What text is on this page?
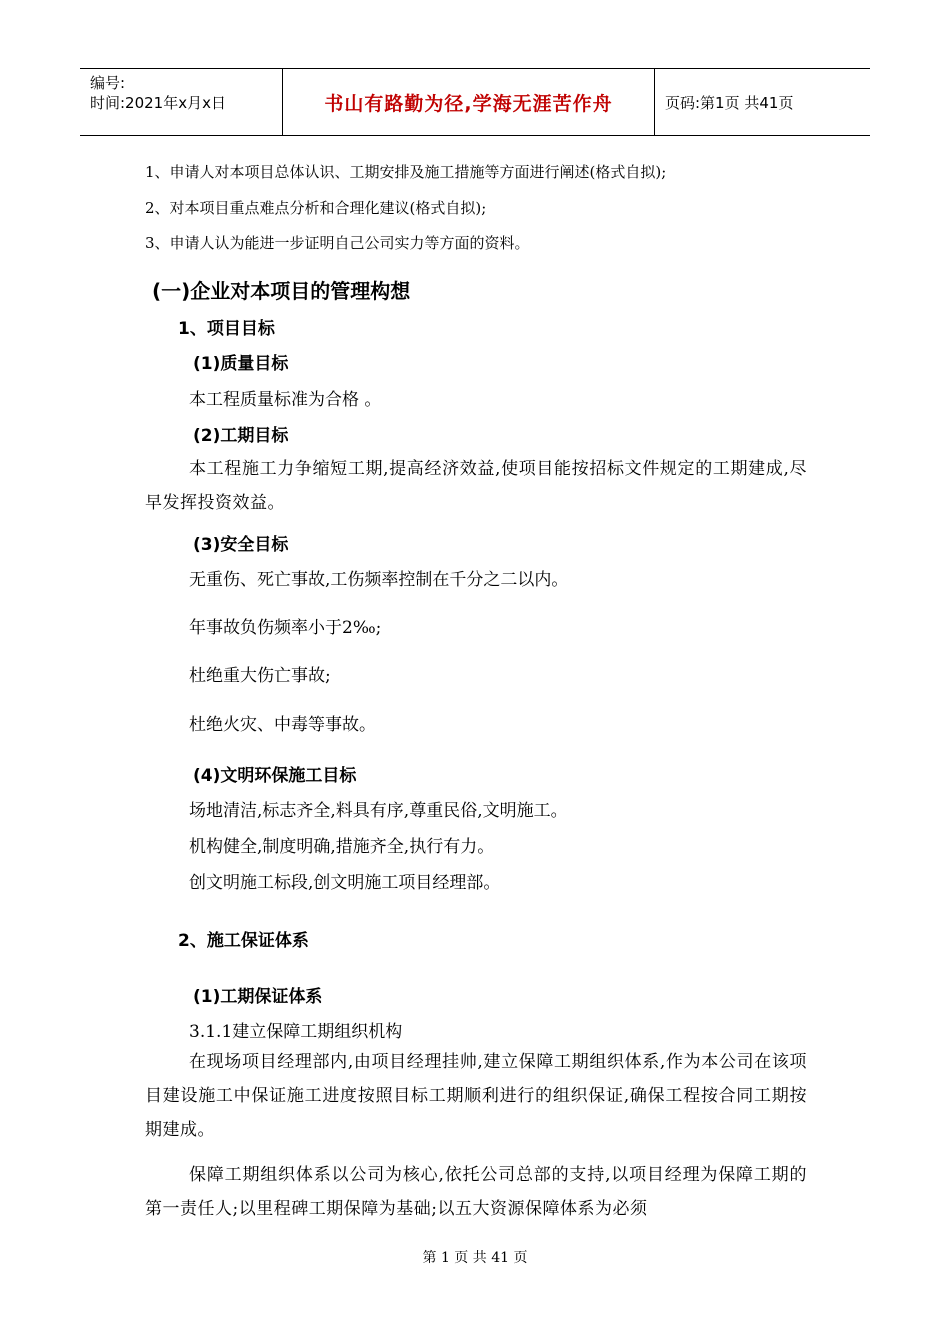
编号:
时间:2021年x月x日	书山有路勤为径,学海无涯苦作舟	页码:第1页 共41页
1、申请人对本项目总体认识、工期安排及施工措施等方面进行阐述(格式自拟);
2、对本项目重点难点分析和合理化建议(格式自拟);
3、申请人认为能进一步证明自己公司实力等方面的资料。
(一)企业对本项目的管理构想
1、项目目标
(1)质量目标
本工程质量标准为合格 。
(2)工期目标
本工程施工力争缩短工期,提高经济效益,使项目能按招标文件规定的工期建成,尽早发挥投资效益。
(3)安全目标
无重伤、死亡事故,工伤频率控制在千分之二以内。
年事故负伤频率小于2‰;
杜绝重大伤亡事故;
杜绝火灾、中毒等事故。
(4)文明环保施工目标
场地清洁,标志齐全,料具有序,尊重民俗,文明施工。
机构健全,制度明确,措施齐全,执行有力。
创文明施工标段,创文明施工项目经理部。
2、施工保证体系
(1)工期保证体系
3.1.1建立保障工期组织机构
在现场项目经理部内,由项目经理挂帅,建立保障工期组织体系,作为本公司在该项目建设施工中保证施工进度按照目标工期顺利进行的组织保证,确保工程按合同工期按期建成。
保障工期组织体系以公司为核心,依托公司总部的支持,以项目经理为保障工期的第一责任人;以里程碑工期保障为基础;以五大资源保障体系为必须
第 1 页 共 41 页
